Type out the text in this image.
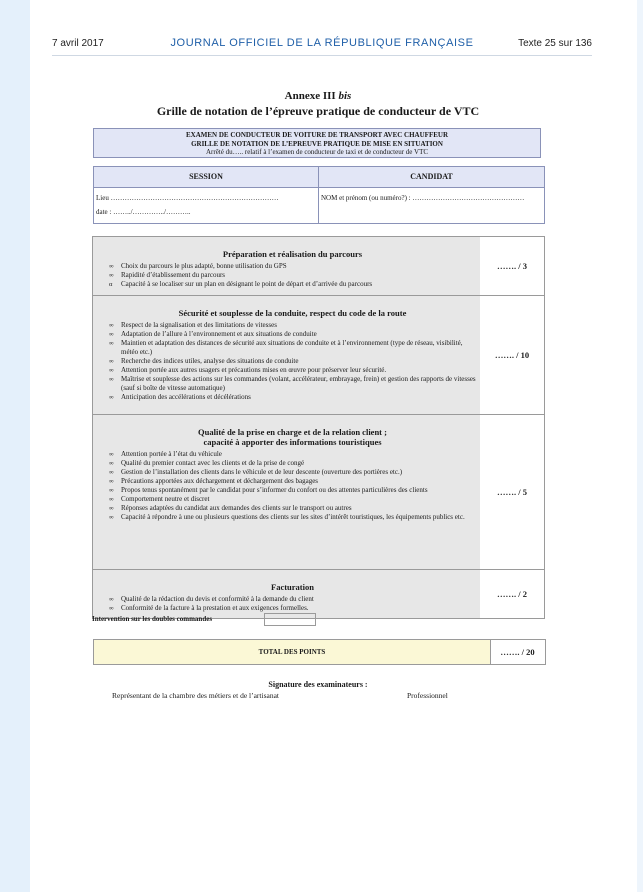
7 avril 2017	JOURNAL OFFICIEL DE LA RÉPUBLIQUE FRANÇAISE	Texte 25 sur 136
Annexe III bis
Grille de notation de l’épreuve pratique de conducteur de VTC
EXAMEN DE CONDUCTEUR DE VOITURE DE TRANSPORT AVEC CHAUFFEUR
GRILLE DE NOTATION DE L’EPREUVE PRATIQUE DE MISE EN SITUATION
Arrêté du….. relatif à l’examen de conducteur de taxi et de conducteur de VTC
SESSION	CANDIDAT
Lieu ………………………………………………………………
date : ……../…………../………..
NOM et prénom (ou numéro?) : …………………………………………
Préparation et réalisation du parcours
∞ Choix du parcours le plus adapté, bonne utilisation du GPS
∞ Rapidité d’établissement du parcours
α Capacité à se localiser sur un plan en désignant le point de départ et d’arrivée du parcours
……. / 3
Sécurité et souplesse de la conduite, respect du code de la route
∞ Respect de la signalisation et des limitations de vitesses
∞ Adaptation de l’allure à l’environnement et aux situations de conduite
∞ Maintien et adaptation des distances de sécurité aux situations de conduite et à l’environnement (type de réseau, visibilité, météo etc.)
∞ Recherche des indices utiles, analyse des situations de conduite
∞ Attention portée aux autres usagers et précautions mises en œuvre pour préserver leur sécurité.
∞ Maîtrise et souplesse des actions sur les commandes (volant, accélérateur, embrayage, frein) et gestion des rapports de vitesses (sauf si boîte de vitesse automatique)
∞ Anticipation des accélérations et décélérations
……. / 10
Qualité de la prise en charge et de la relation client ;
capacité à apporter des informations touristiques
∞ Attention portée à l’état du véhicule
∞ Qualité du premier contact avec les clients et de la prise de congé
∞ Gestion de l’installation des clients dans le véhicule et de leur descente (ouverture des portières etc.)
∞ Précautions apportées aux déchargement et déchargement des bagages
∞ Propos tenus spontanément par le candidat pour s’informer du confort ou des attentes particulières des clients
∞ Comportement neutre et discret
∞ Réponses adaptées du candidat aux demandes des clients sur le transport ou autres
∞ Capacité à répondre à une ou plusieurs questions des clients sur les sites d’intérêt touristiques, les équipements publics etc.
……. / 5
Facturation
∞ Qualité de la rédaction du devis et conformité à la demande du client
∞ Conformité de la facture à la prestation et aux exigences formelles.
……. / 2
Intervention sur les doubles commandes
TOTAL DES POINTS	……. / 20
Signature des examinateurs :
Représentant de la chambre des métiers et de l’artisanat	Professionnel
